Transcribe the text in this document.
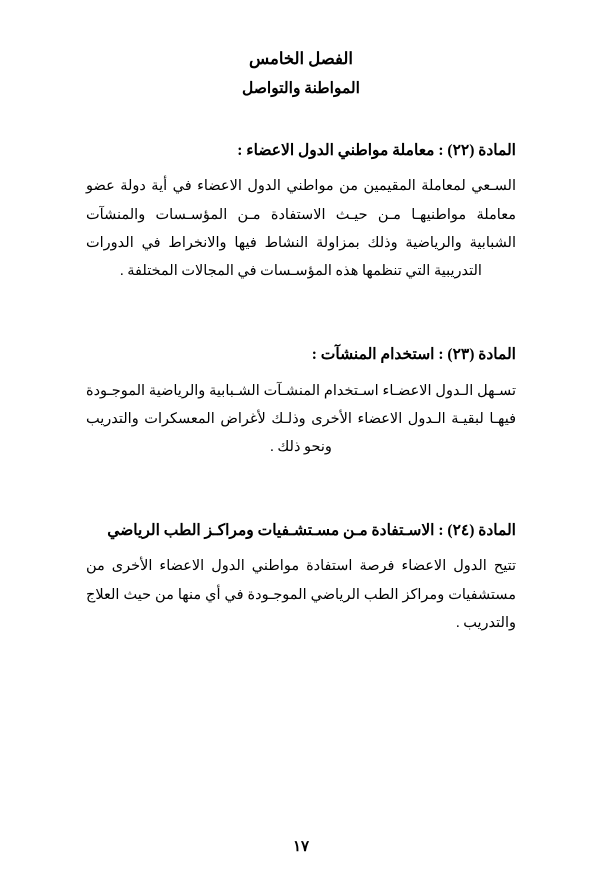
الفصل الخامس
المواطنة والتواصل

المادة (٢٢) : معاملة مواطني الدول الاعضاء :

السـعي لمعاملة المقيمين من مواطني الدول الاعضاء في أية دولة عضو معاملة مواطنيهـا مـن حيـث الاستفادة مـن المؤسـسات والمنشآت الشبابية والرياضية وذلك بمزاولة النشاط فيها والانخراط في الدورات التدريبية التي تنظمها هذه المؤسـسات في المجالات المختلفة .

المادة (٢٣) : استخدام المنشآت :

تسـهل الـدول الاعضـاء اسـتخدام المنشـآت الشـبابية والرياضية الموجـودة فيهـا لبقيـة الـدول الاعضاء الأخرى وذلـك لأغراض المعسكرات والتدريب ونحو ذلك .

المادة (٢٤) : الاسـتفادة مـن مسـتشـفيات ومراكـز الطب الرياضي

تتيح الدول الاعضاء فرصة استفادة مواطني الدول الاعضاء الأخرى من مستشفيات ومراكز الطب الرياضي الموجـودة في أي منها من حيث العلاج والتدريب .

١٧
